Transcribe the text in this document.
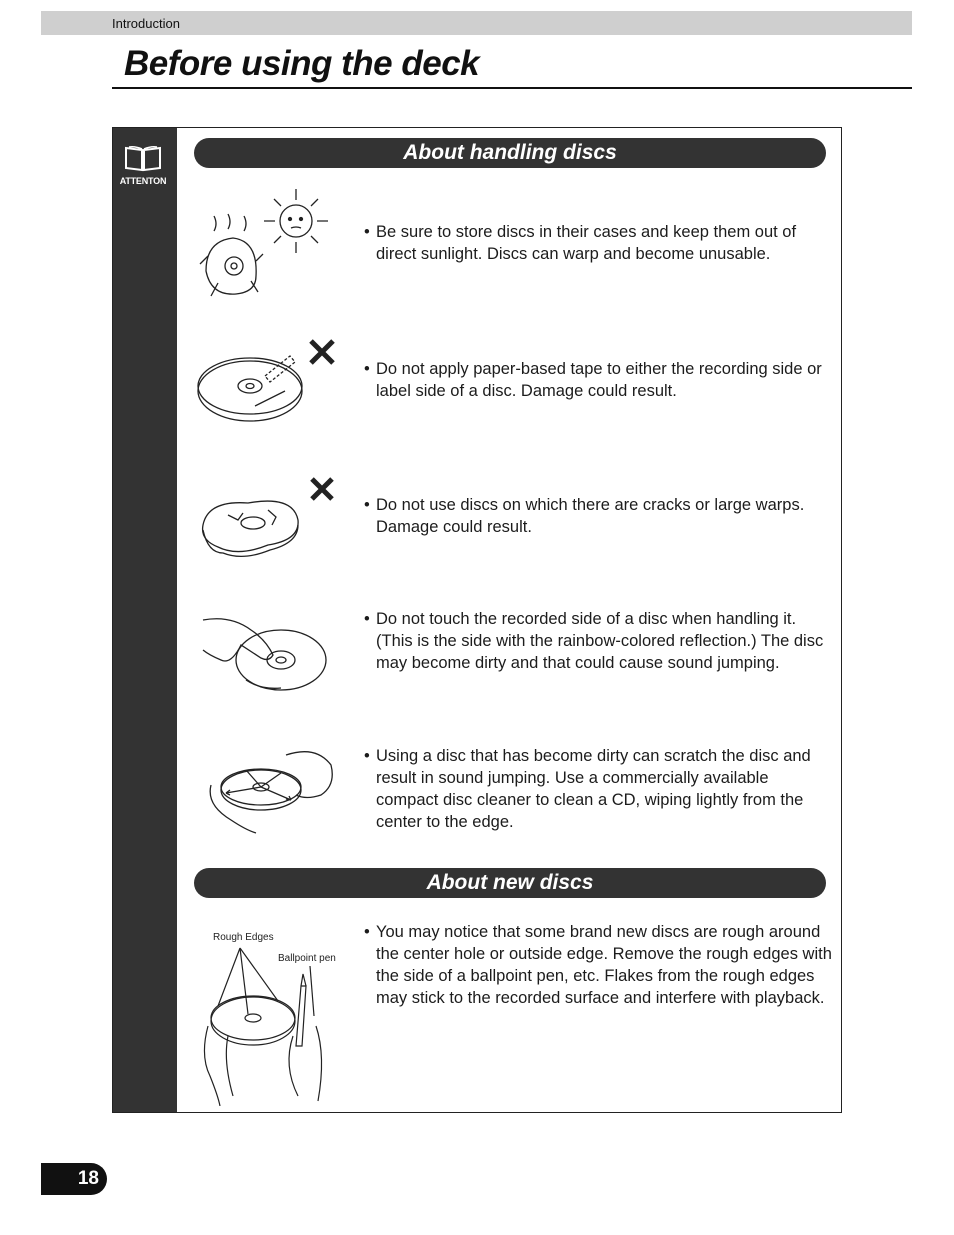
Introduction
Before using the deck
ATTENTON
About handling discs
• Be sure to store discs in their cases and keep them out of direct sunlight. Discs can warp and become unusable.
• Do not apply paper-based tape to either the recording side or label side of a disc. Damage could result.
• Do not use discs on which there are cracks or large warps. Damage could result.
• Do not touch the recorded side of a disc when handling it. (This is the side with the rainbow-colored reflection.) The disc may become dirty and that could cause sound jumping.
• Using a disc that has become dirty can scratch the disc and result in sound jumping. Use a commercially available compact disc cleaner to clean a CD, wiping lightly from the center to the edge.
About new discs
Rough Edges
Ballpoint pen
• You may notice that some brand new discs are rough around the center hole or outside edge. Remove the rough edges with the side of a ballpoint pen, etc. Flakes from the rough edges may stick to the recorded surface and interfere with playback.
18
